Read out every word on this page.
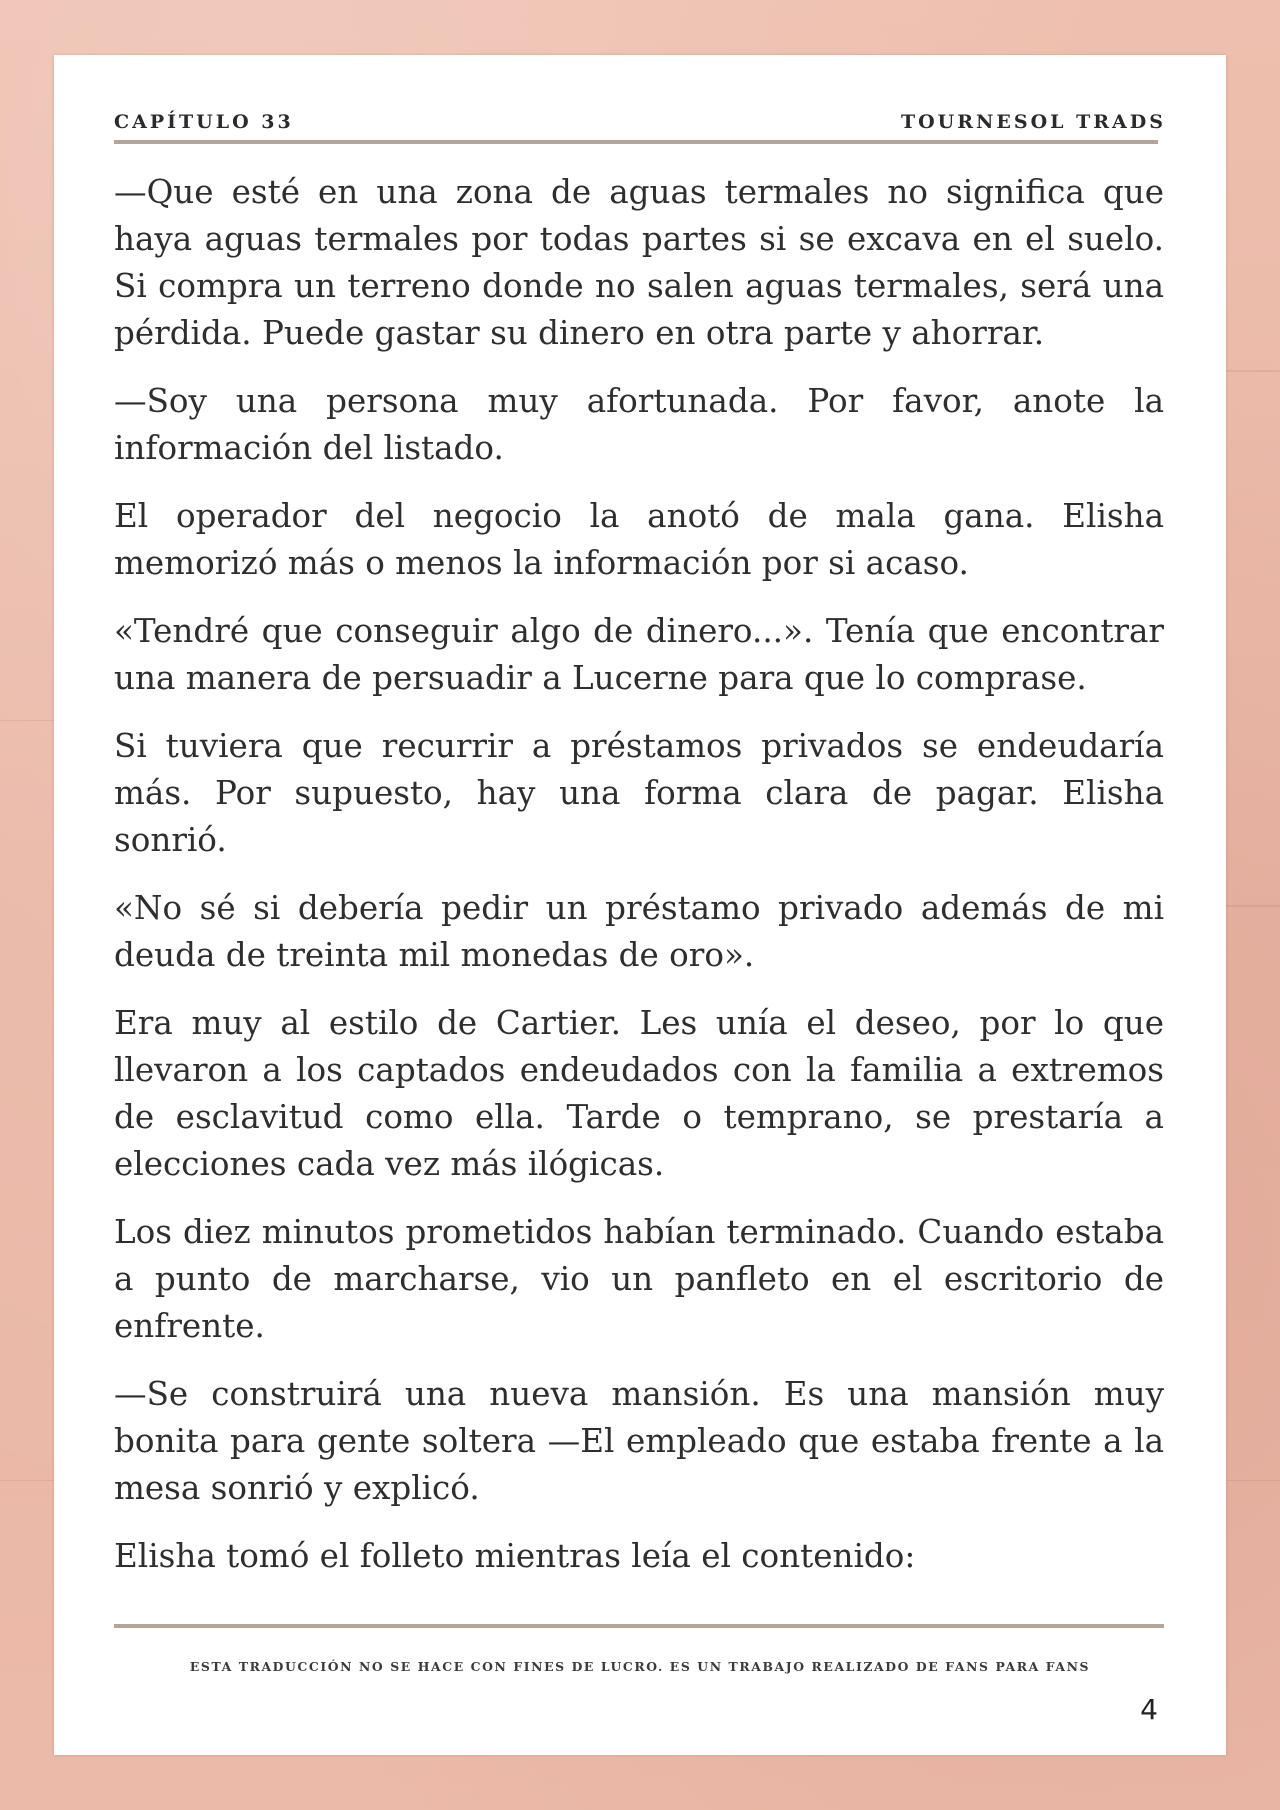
CAPÍTULO 33	TOURNESOL TRADS

—Que esté en una zona de aguas termales no significa que haya aguas termales por todas partes si se excava en el suelo. Si compra un terreno donde no salen aguas termales, será una pérdida. Puede gastar su dinero en otra parte y ahorrar.

—Soy una persona muy afortunada. Por favor, anote la información del listado.

El operador del negocio la anotó de mala gana. Elisha memorizó más o menos la información por si acaso.

«Tendré que conseguir algo de dinero...». Tenía que encontrar una manera de persuadir a Lucerne para que lo comprase.

Si tuviera que recurrir a préstamos privados se endeudaría más. Por supuesto, hay una forma clara de pagar. Elisha sonrió.

«No sé si debería pedir un préstamo privado además de mi deuda de treinta mil monedas de oro».

Era muy al estilo de Cartier. Les unía el deseo, por lo que llevaron a los captados endeudados con la familia a extremos de esclavitud como ella. Tarde o temprano, se prestaría a elecciones cada vez más ilógicas.

Los diez minutos prometidos habían terminado. Cuando estaba a punto de marcharse, vio un panfleto en el escritorio de enfrente.

—Se construirá una nueva mansión. Es una mansión muy bonita para gente soltera —El empleado que estaba frente a la mesa sonrió y explicó.

Elisha tomó el folleto mientras leía el contenido:

ESTA TRADUCCIÓN NO SE HACE CON FINES DE LUCRO. ES UN TRABAJO REALIZADO DE FANS PARA FANS
4
